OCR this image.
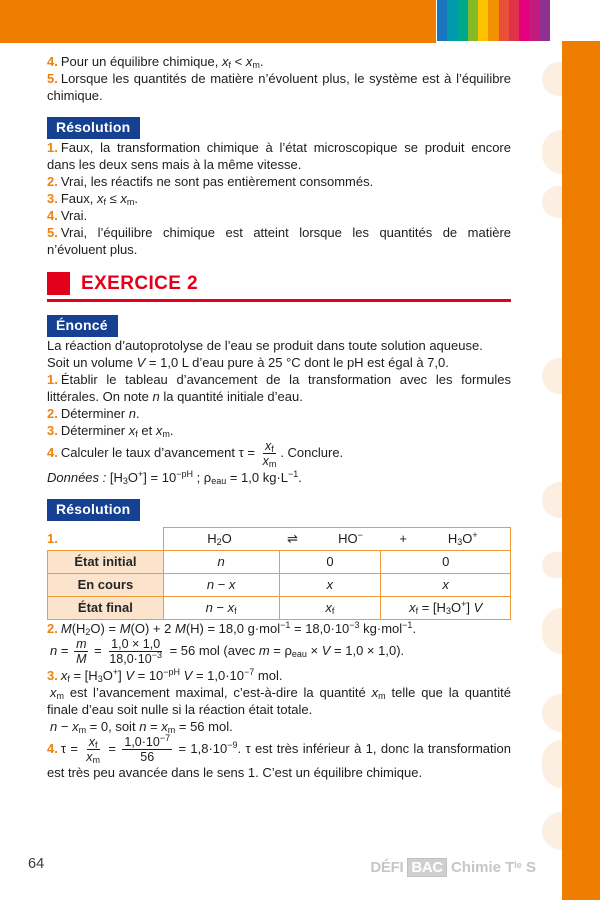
4. Pour un équilibre chimique, $x_f < x_m$.

5. Lorsque les quantités de matière n’évoluent plus, le système est à l’équilibre chimique.

Résolution

1. Faux, la transformation chimique à l’état microscopique se produit encore dans les deux sens mais à la même vitesse.

2. Vrai, les réactifs ne sont pas entièrement consommés.

3. Faux, $x_f \le x_m$.

4. Vrai.

5. Vrai, l’équilibre chimique est atteint lorsque les quantités de matière n’évoluent plus.

EXERCICE 2
Énoncé

La réaction d’autoprotolyse de l’eau se produit dans toute solution aqueuse.

Soit un volume V = 1,0 L d’eau pure à 25 °C dont le pH est égal à 7,0.

1. Établir le tableau d’avancement de la transformation avec les formules littérales. On note n la quantité initiale d’eau.

2. Déterminer n.

3. Déterminer $x_f$ et $x_m$.

4. Calculer le taux d’avancement $\tau = \frac{x_f}{x_m}$ . Conclure.

Données : $[H_3O^+] = 10^{-pH}$ ; $\rho_{eau} = 1,0$ $kg\cdot L^{-1}$.

Résolution
1.

	$H_2O$ ⇌ $HO^- + H_3O^+$

État initial	n	0	0
En cours	n − x	x	x
État final	$n - x_f$	$x_f$	$x_f = [H_3O^+]$ V

2. $M(H_2O) = M(O) + 2$ M(H) = 18,0 $g\cdot mol^{-1} = 18,0\cdot 10^{-3}$ kg·mol$^{-1}$.

$n = \frac{m}{M} = \frac{1,0 \times 1,0}{18,0\cdot 10^{-3}} = 56$ mol (avec $m = \rho_{eau} \times V = 1,0 \times 1,0$).

3. $x_f = [H_3O^+] V = 10^{-pH}$ $V = 1,0\cdot 10^{-7}$ mol.

$x_m$ est l’avancement maximal, c’est-à-dire la quantité $x_m$ telle que la quantité finale d’eau soit nulle si la réaction était totale.

$n - x_m = 0$, soit $n = x_m = 56$ mol.

4. $\tau = \frac{x_f}{x_m} = \frac{1,0\cdot 10^{-7}}{56} = 1,8\cdot 10^{-9}$. τ est très inférieur à 1, donc la transformation est très peu avancée dans le sens 1. C’est un équilibre chimique.

64	DÉFI BAC Chimie $T^{le}$ S
